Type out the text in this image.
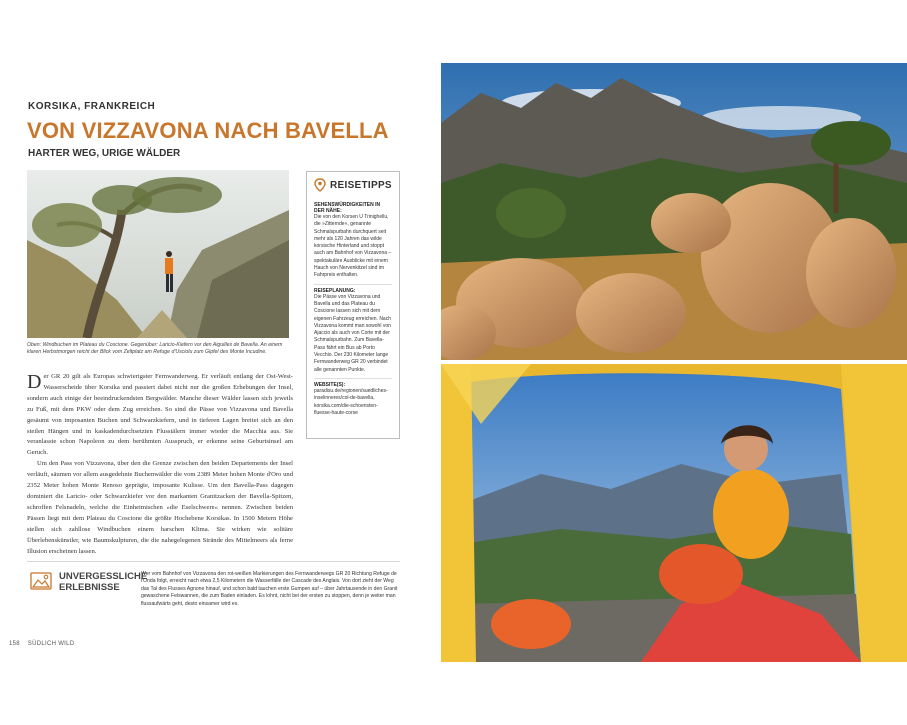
KORSIKA, FRANKREICH
VON VIZZAVONA NACH BAVELLA
HARTER WEG, URIGE WÄLDER
Oben: Windbuchen im Plateau du Coscione. Gegenüber: Laricio-Kiefern vor den Aiguilles de Bavella. An einem klaren Herbstmorgen reicht der Blick vom Zeltplatz am Refuge d'Usciolu zum Gipfel des Monte Incudine.

Der GR 20 gilt als Europas schwierigster Fernwanderweg. Er verläuft entlang der Ost-West-Wasserscheide über Korsika und passiert dabei nicht nur die großen Erhebungen der Insel, sondern auch einige der beeindruckendsten Bergwälder. Manche dieser Wälder lassen sich jeweils zu Fuß, mit dem PKW oder dem Zug erreichen. So sind die Pässe von Vizzavona und Bavella gesäumt von imposanten Buchen und Schwarzkiefern, und in tieferen Lagen breitet sich an den steilen Hängen und in kaskadendurchsetzten Flusstälern immer wieder die Macchia aus. Sie veranlasste schon Napoleon zu dem berühmten Ausspruch, er erkenne seine Geburtsinsel am Geruch.

Um den Pass von Vizzavona, über den die Grenze zwischen den beiden Departements der Insel verläuft, säumen vor allem ausgedehnte Buchenwälder die vom 2389 Meter hohen Monte d'Oro und 2352 Meter hohen Monte Renoso geprägte, imposante Kulisse. Um den Bavella-Pass dagegen dominiert die Laricio- oder Schwarzkiefer vor den markanten Granitzacken der Bavella-Spitzen, schroffen Felsnadeln, welche die Einheimischen »die Eselschwere« nennen. Zwischen beiden Pässen liegt mit dem Plateau du Coscione die größte Hochebene Korsikas. In 1500 Metern Höhe stellen sich zahllose Windbuchen einem harschen Klima. Sie wirken wie solitäre Überlebenskünstler, wie Baumskulpturen, die die nahegelegenen Strände des Mittelmeers als ferne Illusion erscheinen lassen.

REISETIPPS
SEHENSWÜRDIGKEITEN IN DER NÄHE:
Die von den Korsen U Trinighellu, die »Zitternde«, genannte Schmalspurbahn durchquert seit mehr als 120 Jahren das wilde korsische Hinterland und stoppt auch am Bahnhof von Vizzavona – spektakuläre Ausblicke mit einem Hauch von Nervenkitzel sind im Fahrpreis enthalten.
REISEPLANUNG:
Die Pässe von Vizzavona und Bavella und das Plateau du Coscione lassen sich mit dem eigenen Fahrzeug erreichen. Nach Vizzavona kommt man sowohl von Ajaccio als auch von Corte mit der Schmalspurbahn. Zum Bavella-Pass fährt ein Bus ab Porto Vecchio. Der 230 Kilometer lange Fernwanderweg GR 20 verbindet alle genannten Punkte.
WEBSITE(S):
paradisu.de/regionen/suedliches-inselinneres/col-de-bavella, korsika.com/die-schoensten-fluesse-haute-corse
UNVERGESSLICHE
ERLEBNISSE
Wer vom Bahnhof von Vizzavona den rot-weißen Markierungen des Fernwanderwegs GR 20 Richtung Refuge de l'Onda folgt, erreicht nach etwa 2,5 Kilometern die Wasserfälle der Cascade des Anglais. Von dort zieht der Weg das Tal des Flusses Agnone hinauf, und schon bald tauchen erste Gumpen auf – über Jahrtausende in den Granit gewaschene Felswannen, die zum Baden einladen. Es lohnt, nicht bei der ersten zu stoppen, denn je weiter man flussaufwärts geht, desto einsamer wird es.
158 SÜDLICH WILD
